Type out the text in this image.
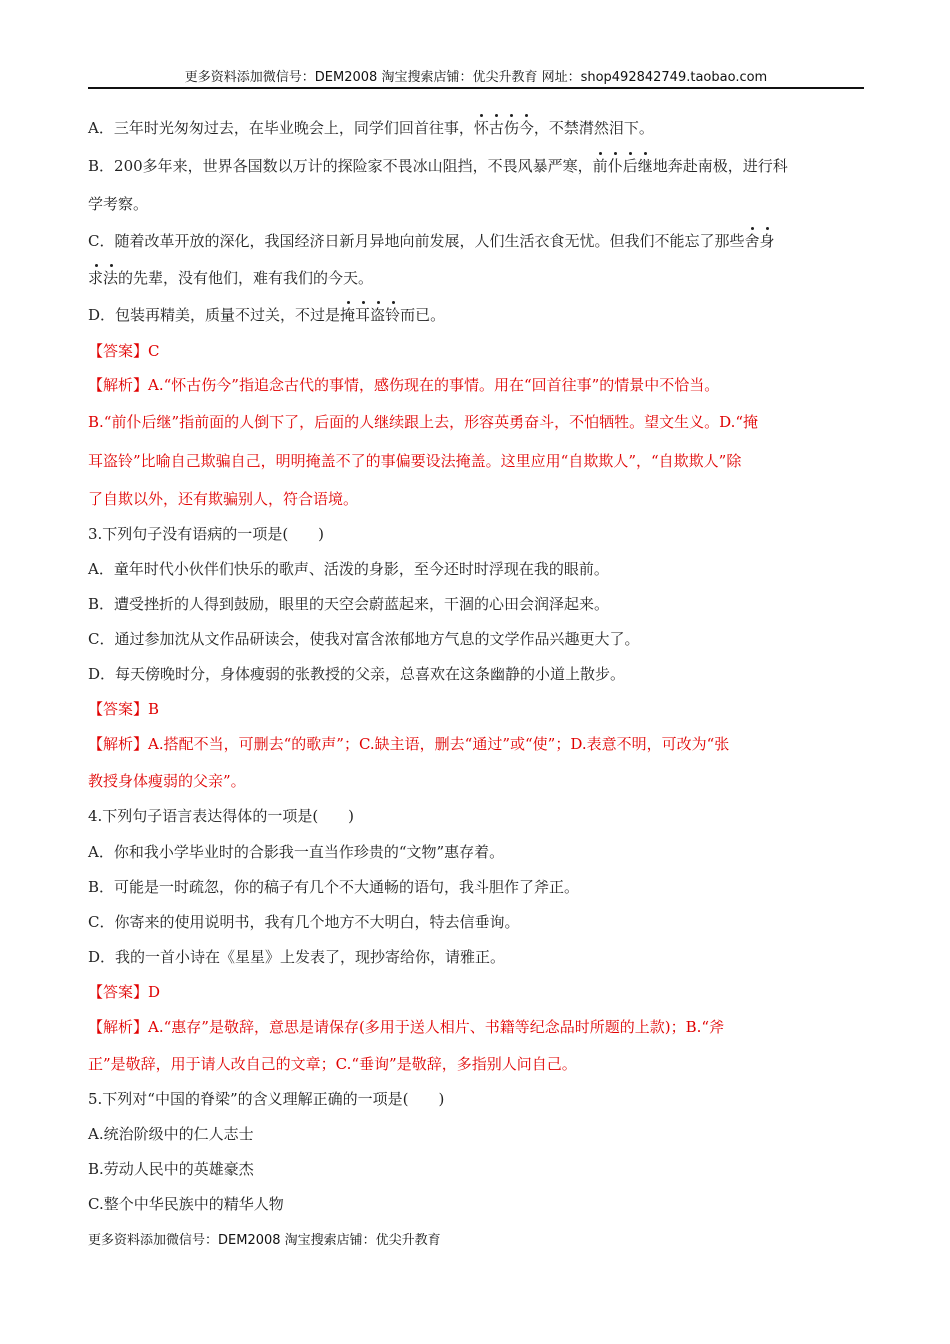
更多资料添加微信号：DEM2008 淘宝搜索店铺：优尖升教育 网址：shop492842749.taobao.com
A．三年时光匆匆过去，在毕业晚会上，同学们回首往事，怀古伤今，不禁潸然泪下。
B．200多年来，世界各国数以万计的探险家不畏冰山阻挡，不畏风暴严寒，前仆后继地奔赴南极，进行科
学考察。
C．随着改革开放的深化，我国经济日新月异地向前发展，人们生活衣食无忧。但我们不能忘了那些舍身
求法的先辈，没有他们，难有我们的今天。
D．包装再精美，质量不过关，不过是掩耳盗铃而已。
【答案】C
【解析】A.“怀古伤今”指追念古代的事情，感伤现在的事情。用在“回首往事”的情景中不恰当。
B.“前仆后继”指前面的人倒下了，后面的人继续跟上去，形容英勇奋斗，不怕牺牲。望文生义。D.“掩
耳盗铃”比喻自己欺骗自己，明明掩盖不了的事偏要设法掩盖。这里应用“自欺欺人”，“自欺欺人”除
了自欺以外，还有欺骗别人，符合语境。
3.下列句子没有语病的一项是(　　)
A．童年时代小伙伴们快乐的歌声、活泼的身影，至今还时时浮现在我的眼前。
B．遭受挫折的人得到鼓励，眼里的天空会蔚蓝起来，干涸的心田会润泽起来。
C．通过参加沈从文作品研读会，使我对富含浓郁地方气息的文学作品兴趣更大了。
D．每天傍晚时分，身体瘦弱的张教授的父亲，总喜欢在这条幽静的小道上散步。
【答案】B
【解析】A.搭配不当，可删去“的歌声”；C.缺主语，删去“通过”或“使”；D.表意不明，可改为“张
教授身体瘦弱的父亲”。
4.下列句子语言表达得体的一项是(　　)
A．你和我小学毕业时的合影我一直当作珍贵的“文物”惠存着。
B．可能是一时疏忽，你的稿子有几个不大通畅的语句，我斗胆作了斧正。
C．你寄来的使用说明书，我有几个地方不大明白，特去信垂询。
D．我的一首小诗在《星星》上发表了，现抄寄给你，请雅正。
【答案】D
【解析】A.“惠存”是敬辞，意思是请保存(多用于送人相片、书籍等纪念品时所题的上款)；B.“斧
正”是敬辞，用于请人改自己的文章；C.“垂询”是敬辞，多指别人问自己。
5.下列对“中国的脊梁”的含义理解正确的一项是(　　)
A.统治阶级中的仁人志士
B.劳动人民中的英雄豪杰
C.整个中华民族中的精华人物
更多资料添加微信号：DEM2008 淘宝搜索店铺：优尖升教育
